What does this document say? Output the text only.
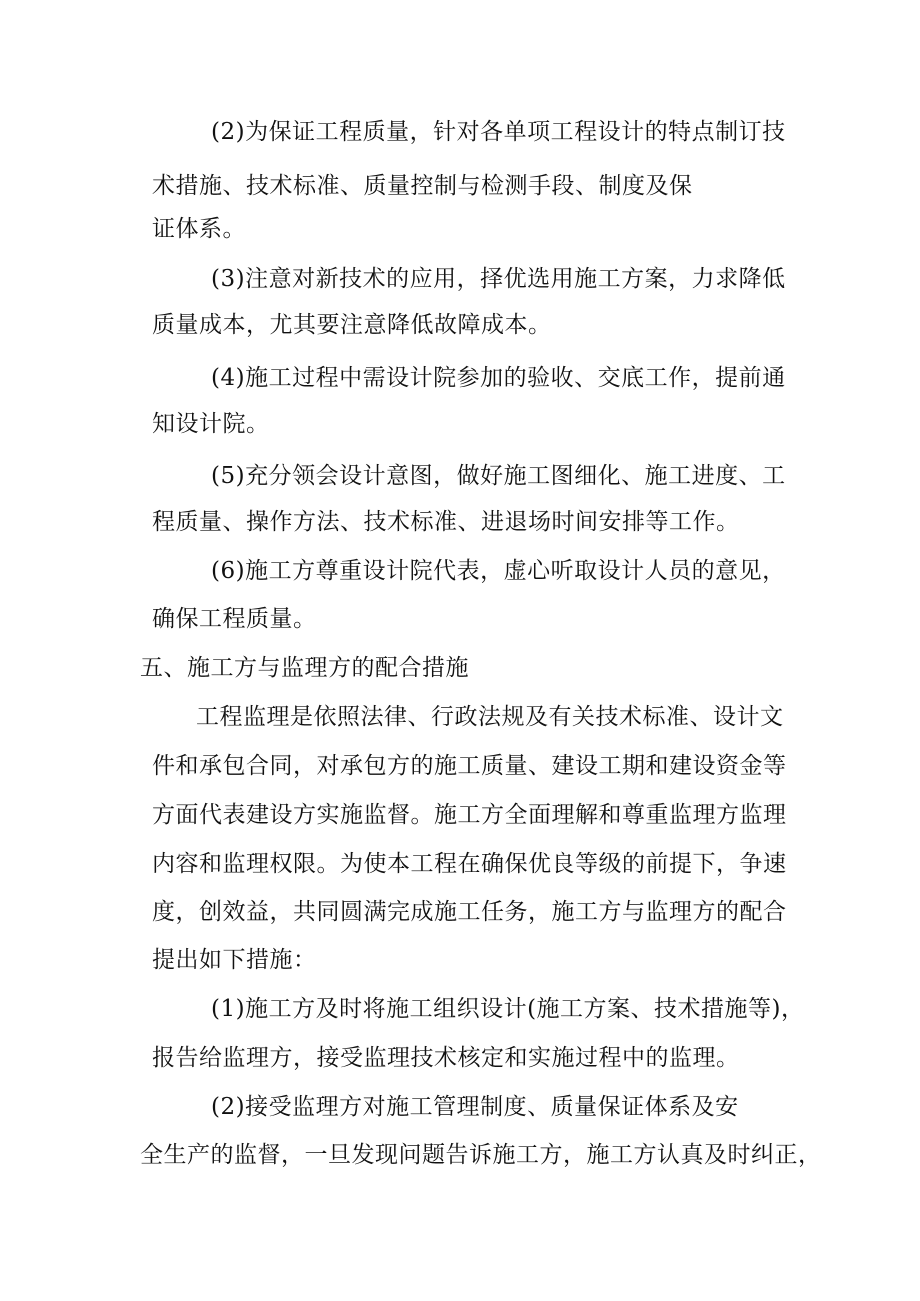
(2)为保证工程质量，针对各单项工程设计的特点制订技
术措施、技术标准、质量控制与检测手段、制度及保
证体系。
(3)注意对新技术的应用，择优选用施工方案，力求降低
质量成本，尤其要注意降低故障成本。
(4)施工过程中需设计院参加的验收、交底工作，提前通
知设计院。
(5)充分领会设计意图，做好施工图细化、施工进度、工
程质量、操作方法、技术标准、进退场时间安排等工作。
(6)施工方尊重设计院代表，虚心听取设计人员的意见，
确保工程质量。
五、施工方与监理方的配合措施
工程监理是依照法律、行政法规及有关技术标准、设计文
件和承包合同，对承包方的施工质量、建设工期和建设资金等
方面代表建设方实施监督。施工方全面理解和尊重监理方监理
内容和监理权限。为使本工程在确保优良等级的前提下，争速
度，创效益，共同圆满完成施工任务，施工方与监理方的配合
提出如下措施：
(1)施工方及时将施工组织设计(施工方案、技术措施等)，
报告给监理方，接受监理技术核定和实施过程中的监理。
(2)接受监理方对施工管理制度、质量保证体系及安
全生产的监督，一旦发现问题告诉施工方，施工方认真及时纠正，
